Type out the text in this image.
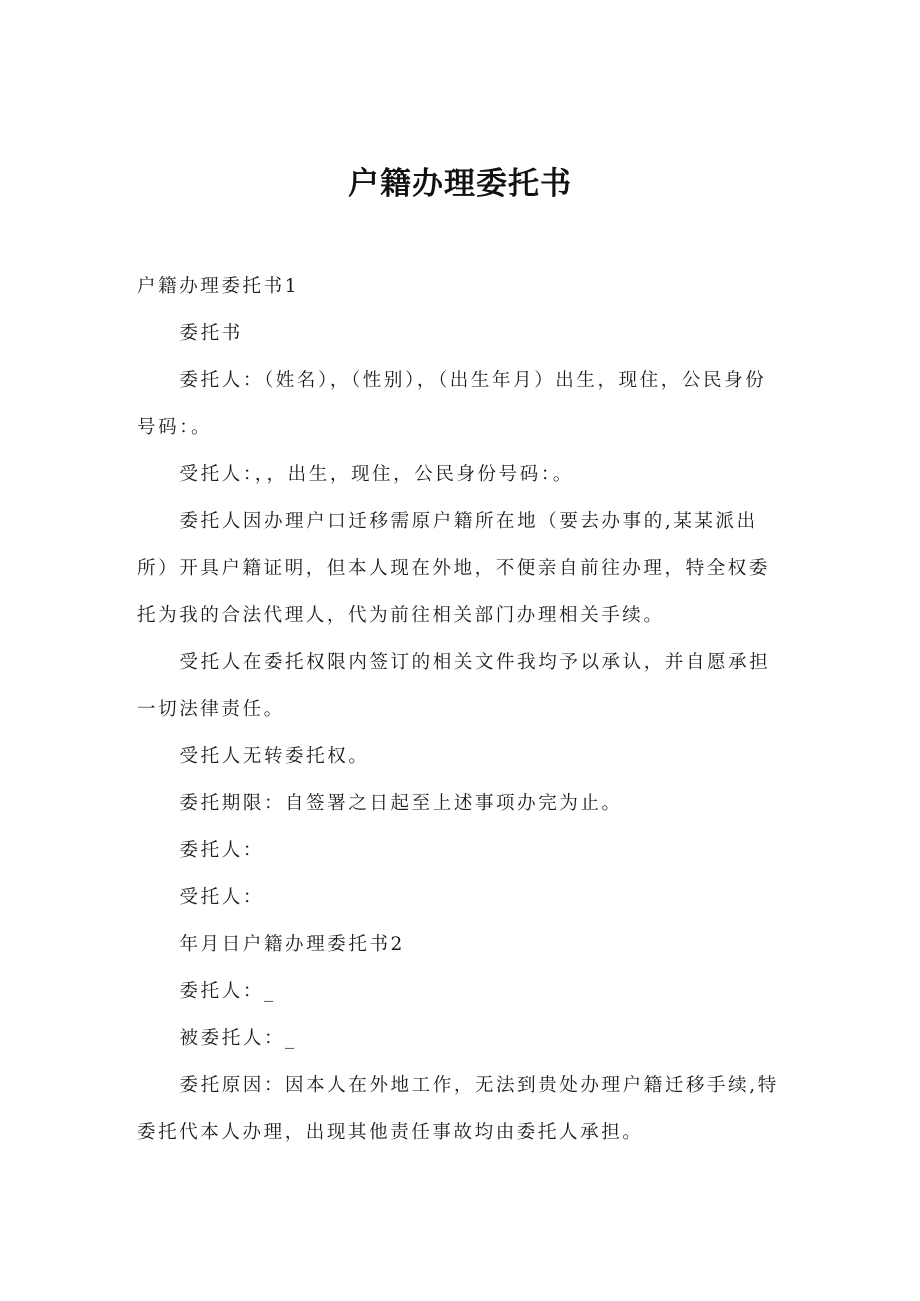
户籍办理委托书

户籍办理委托书1

委托书

委托人：（姓名），（性别），（出生年月）出生，现住，公民身份号码：。

受托人：，，出生，现住，公民身份号码：。

委托人因办理户口迁移需原户籍所在地（要去办事的,某某派出所）开具户籍证明，但本人现在外地，不便亲自前往办理，特全权委托为我的合法代理人，代为前往相关部门办理相关手续。

受托人在委托权限内签订的相关文件我均予以承认，并自愿承担一切法律责任。

受托人无转委托权。

委托期限：自签署之日起至上述事项办完为止。

委托人：

受托人：

年月日户籍办理委托书2

委托人：_

被委托人：_

委托原因：因本人在外地工作，无法到贵处办理户籍迁移手续,特委托代本人办理，出现其他责任事故均由委托人承担。
